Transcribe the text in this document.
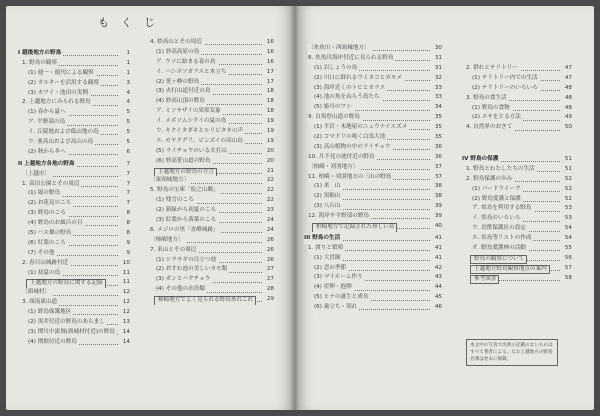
もくじ
I 越後地方の野鳥	1
1. 野鳥の観察	1
(1) 週一・週刊による観察	1
(2) オルターを活用する観察	3
(3) カワイ・池田の実例	4
2. 上越地方にみられる野鳥	4
(1) 春から夏へ	5
ア. 平野部の鳥	5
イ. 丘陵地および低山地の鳥	5
ウ. 亜高山および高山の鳥	5
(2) 秋から冬へ	6
II 上越地方各地の野鳥	7
〔上越市〕	7
1. 高田公園とその周辺	7
(1) 堀の野鳥	7
(2) お花見のころ	7
(3) 野鳥のころ	8
(4) 野鳥のお風呂の日	8
(5) ハス畑の野鳥	8
(6) 紅葉のころ	9
(7) その他	9
2. 春日山城跡付近	10
(1) 初夏の鳥	11
上越地方の野鳥に関する記録	11
〔頸城村〕	12
3. 頸南東山道	12
(1) 野鳥保護地区	12
(2) 黒井付近の野鳥のあらまし	13
(3) 関川中流域(頸城村付近)の野鳥	14
(4) 関根付近の野鳥	14
4. 妙高山とその周辺	16
(1) 妙高高原の鳥	16
ア. ウソに始まる春の鳥	16
イ. ハシボソガラスと木立ち	17
(2) 笹ヶ峰の野鳥	17
(3) 火打山道付近の鳥	18
(4) 妙高山頂の野鳥	18
ア. ミソサザイの異常気象	18
イ. メボソムシクイの夏の鳥	19
ウ. キクイタダキとルリビタキの声	19
エ. カヤクグリ、ビンズイの高山鳥	19
(5) ライチョウのいる火打山	20
(6) 妙高笹山道の野鳥	20
上越地方の野鳥の方言	21
〔東頸城地方〕	22
5. 野鳥の宝庫「松之山郷」	22
(1) 残雪のころ	22
(2) 新緑から初夏のころ	23
(3) 紅葉から落葉のころ	24
6. メジロの里「直峰城跡」	24
〔柿崎地方〕	26
7. 米山とその周辺	26
(1) シラサギの目立つ池	26
(2) おすわ池の美しいカモ類	27
(3) ガンとハクチョウ	27
(4) その他の水鳥類	28
柿崎地方でよく見られる野鳥あれこれ	29
〔糸魚川・西頸城地方〕	30
8. 糸魚川海岸付近に見られる野鳥	31
(1) 岩しょうの鳥	31
(2) 川口に群れるウミネコとカモメ	32
(3) 海岸近くのトビとカラス	33
(4) 池の魚をねらう鳥たち	33
(5) 姫川のワシ	34
9. 白馬登山道の野鳥	35
(1) 平岩・木地屋のニュウナイスズメ	35
(2) コマドリの鳴く白馬大池	35
(3) 高山植物の中のライチョウ	36
10. 月不見の池付近の野鳥	36
〔柏崎・刈羽地方〕	37
11. 柏崎・刈羽地方の三山の野鳥	37
(1) 米　山	38
(2) 黒姫山	38
(3) 八石山	39
12. 海岸や平野部の野鳥	39
柏崎地方で記録された珍しい鳥	40
III 野鳥の生活	41
1. 渡りと繁殖	41
(1) 大冒険	41
(2) 恋の季節	42
(3) マイホーム作り	43
(4) 産卵・抱卵	44
(5) ヒナの誕生と成長	45
(6) 巣立ち・別れ	46
2. 群れとテリトリー	47
(1) テリトリー内での生活	47
(2) テリトリーのいろいろ	48
3. 野鳥の食生活	48
(1) 野鳥の食物	48
(2) エサをとる方法	49
4. 自然界のおきて	50
IV 野鳥の保護	51
1. 野鳥とわたしたちの生活	51
2. 野鳥保護の歩み	52
(1) バードウイーク	52
(2) 野鳥愛護と保護	52
ア. 県鳥を利用する野鳥	53
イ. 県鳥のいろいろ	53
ウ. 鳥獣保護区の設定	54
エ. 県鳥等リストの作成	54
オ. 野鳥愛護林の活動	55
野鳥の観察について	56
上越地方野鳥観察地点の案内	57
参考図書	58
本文中の写真で出典の記載のないものはすべて著者による。なお上越地方の野鳥名簿は巻末に掲載。
